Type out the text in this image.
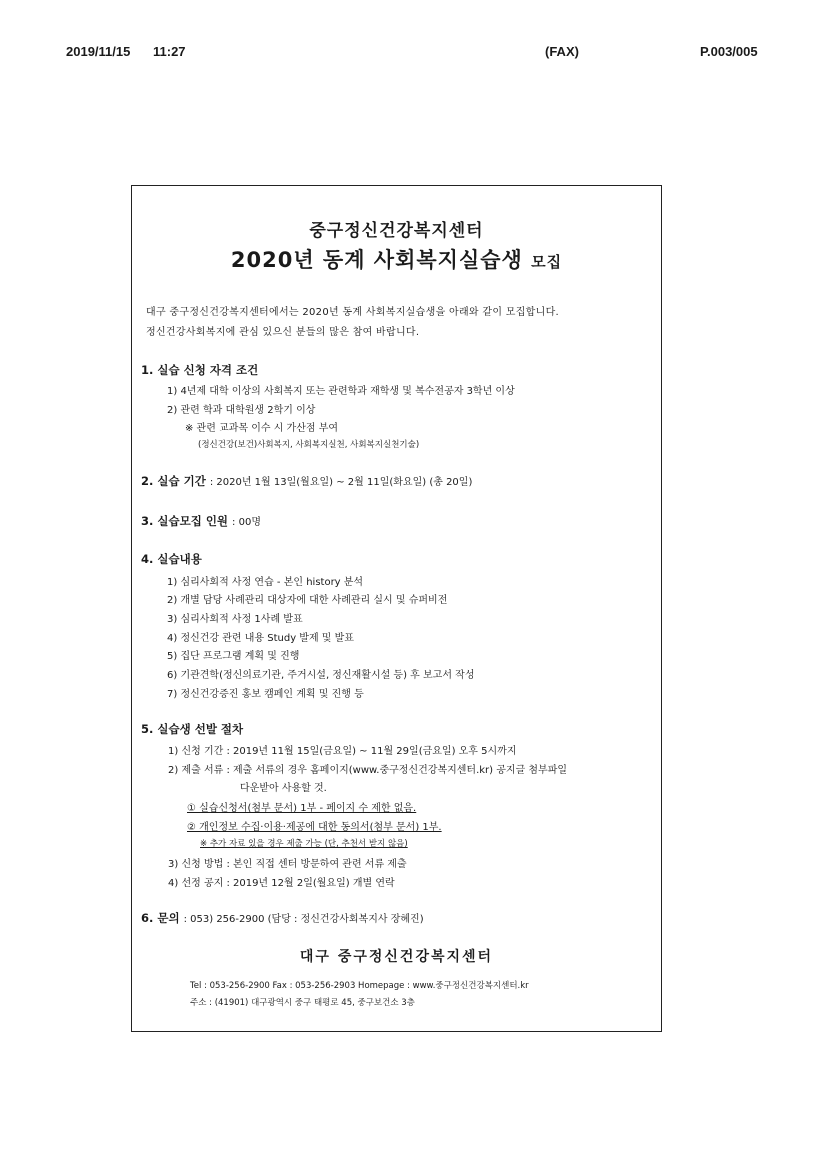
2019/11/15 11:27	(FAX)	P.003/005
중구정신건강복지센터
2020년 동계 사회복지실습생 모집
대구 중구정신건강복지센터에서는 2020년 동계 사회복지실습생을 아래와 같이 모집합니다.
정신건강사회복지에 관심 있으신 분들의 많은 참여 바랍니다.
1. 실습 신청 자격 조건
1) 4년제 대학 이상의 사회복지 또는 관련학과 재학생 및 복수전공자 3학년 이상
2) 관련 학과 대학원생 2학기 이상
※ 관련 교과목 이수 시 가산점 부여
(정신건강(보건)사회복지, 사회복지실천, 사회복지실천기술)
2. 실습 기간 : 2020년 1월 13일(월요일) ~ 2월 11일(화요일) (총 20일)
3. 실습모집 인원 : 00명
4. 실습내용
1) 심리사회적 사정 연습 - 본인 history 분석
2) 개별 담당 사례관리 대상자에 대한 사례관리 실시 및 슈퍼비전
3) 심리사회적 사정 1사례 발표
4) 정신건강 관련 내용 Study 발제 및 발표
5) 집단 프로그램 계획 및 진행
6) 기관견학(정신의료기관, 주거시설, 정신재활시설 등) 후 보고서 작성
7) 정신건강증진 홍보 캠페인 계획 및 진행 등
5. 실습생 선발 절차
1) 신청 기간 : 2019년 11월 15일(금요일) ~ 11월 29일(금요일) 오후 5시까지
2) 제출 서류 : 제출 서류의 경우 홈페이지(www.중구정신건강복지센터.kr) 공지글 첨부파일
다운받아 사용할 것.
① 실습신청서(첨부 문서) 1부 - 페이지 수 제한 없음.
② 개인정보 수집·이용·제공에 대한 동의서(첨부 문서) 1부.
※ 추가 자료 있을 경우 제출 가능 (단, 추천서 받지 않음)
3) 신청 방법 : 본인 직접 센터 방문하여 관련 서류 제출
4) 선정 공지 : 2019년 12월 2일(월요일) 개별 연락
6. 문의 : 053) 256-2900 (담당 : 정신건강사회복지사 장혜진)
대구 중구정신건강복지센터
Tel : 053-256-2900 Fax : 053-256-2903 Homepage : www.중구정신건강복지센터.kr
주소 : (41901) 대구광역시 중구 태평로 45, 중구보건소 3층
